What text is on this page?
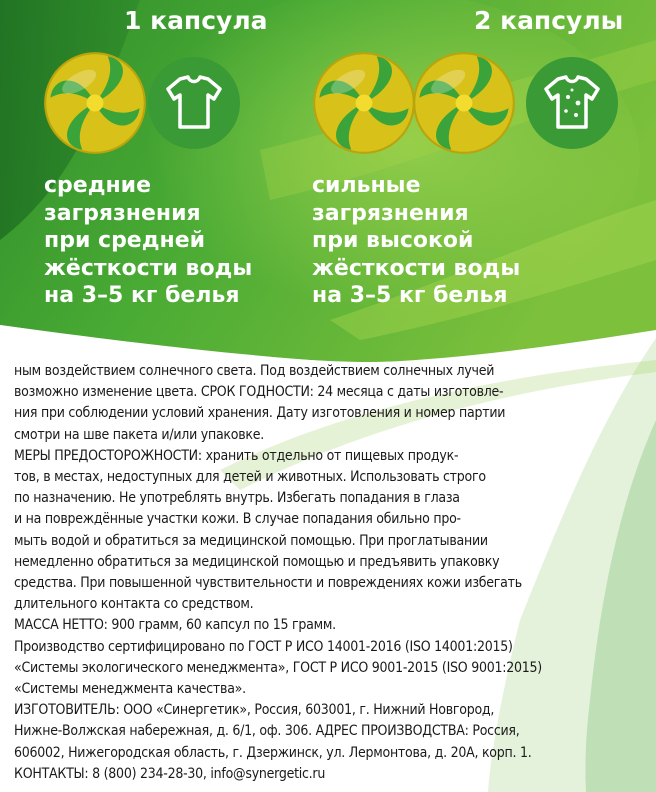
1 капсула
средние
загрязнения
при средней
жёсткости воды
на 3–5 кг белья
2 капсулы
сильные
загрязнения
при высокой
жёсткости воды
на 3–5 кг белья

ным воздействием солнечного света. Под воздействием солнечных лучей

возможно изменение цвета. СРОК ГОДНОСТИ: 24 месяца с даты изготовле-

ния при соблюдении условий хранения. Дату изготовления и номер партии

смотри на шве пакета и/или упаковке.

МЕРЫ ПРЕДОСТОРОЖНОСТИ: хранить отдельно от пищевых продук-

тов, в местах, недоступных для детей и животных. Использовать строго

по назначению. Не употреблять внутрь. Избегать попадания в глаза

и на повреждённые участки кожи. В случае попадания обильно про-

мыть водой и обратиться за медицинской помощью. При проглатывании

немедленно обратиться за медицинской помощью и предъявить упаковку

средства. При повышенной чувствительности и повреждениях кожи избегать

длительного контакта со средством.

МАССА НЕТТО: 900 грамм, 60 капсул по 15 грамм.

Производство сертифицировано по ГОСТ Р ИСО 14001-2016 (ISO 14001:2015)

«Системы экологического менеджмента», ГОСТ Р ИСО 9001-2015 (ISO 9001:2015)

«Системы менеджмента качества».

ИЗГОТОВИТЕЛЬ: ООО «Синергетик», Россия, 603001, г. Нижний Новгород,

Нижне-Волжская набережная, д. 6/1, оф. 306. АДРЕС ПРОИЗВОДСТВА: Россия,

606002, Нижегородская область, г. Дзержинск, ул. Лермонтова, д. 20А, корп. 1.

КОНТАКТЫ: 8 (800) 234-28-30, info@synergetic.ru
